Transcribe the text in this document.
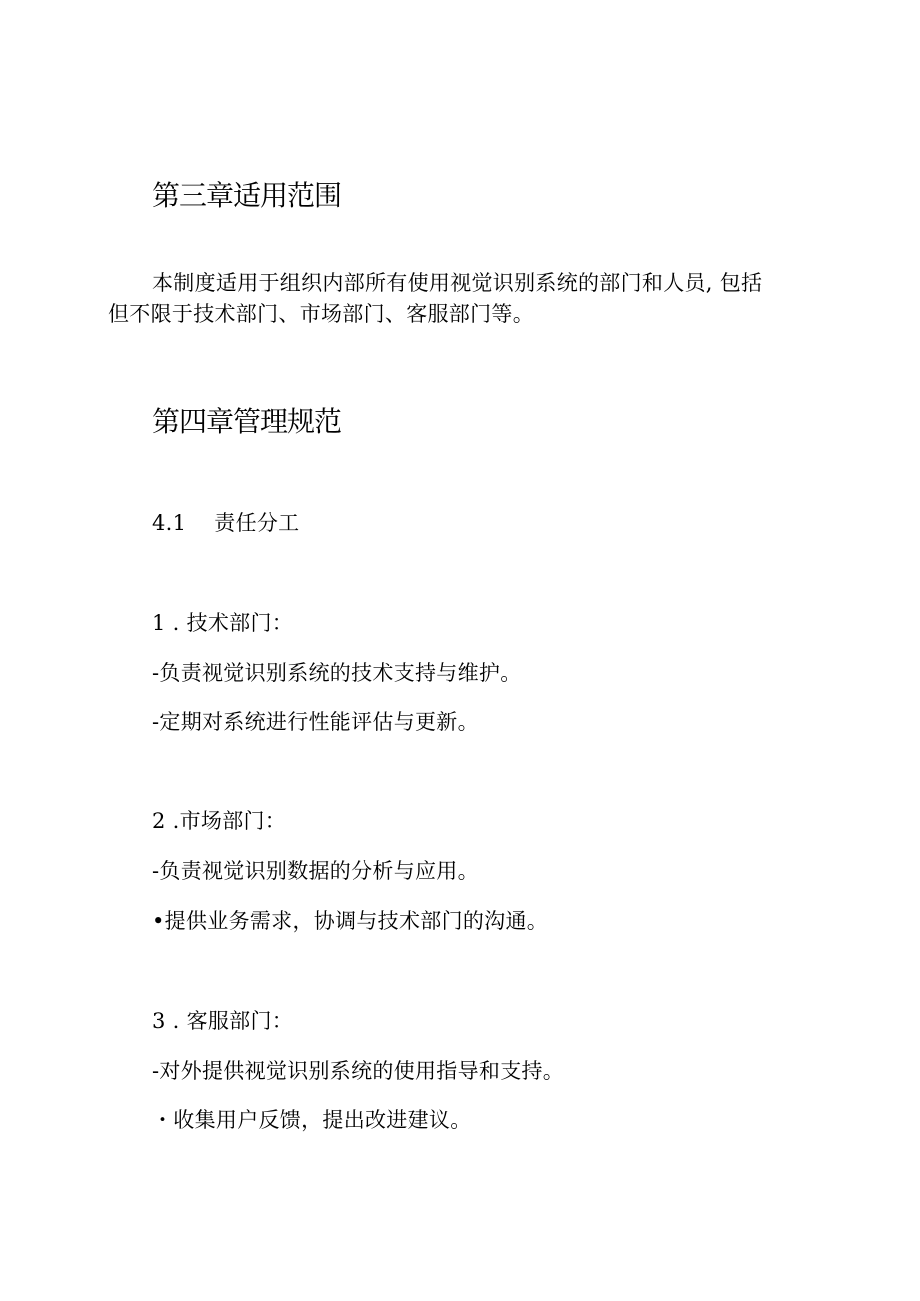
第三章适用范围

本制度适用于组织内部所有使用视觉识别系统的部门和人员, 包括

但不限于技术部门、市场部门、客服部门等。

第四章管理规范

4.1 责任分工

1 . 技术部门：

-负责视觉识别系统的技术支持与维护。

-定期对系统进行性能评估与更新。

2 .市场部门：

-负责视觉识别数据的分析与应用。

•提供业务需求，协调与技术部门的沟通。

3 . 客服部门：

-对外提供视觉识别系统的使用指导和支持。

・收集用户反馈，提出改进建议。
